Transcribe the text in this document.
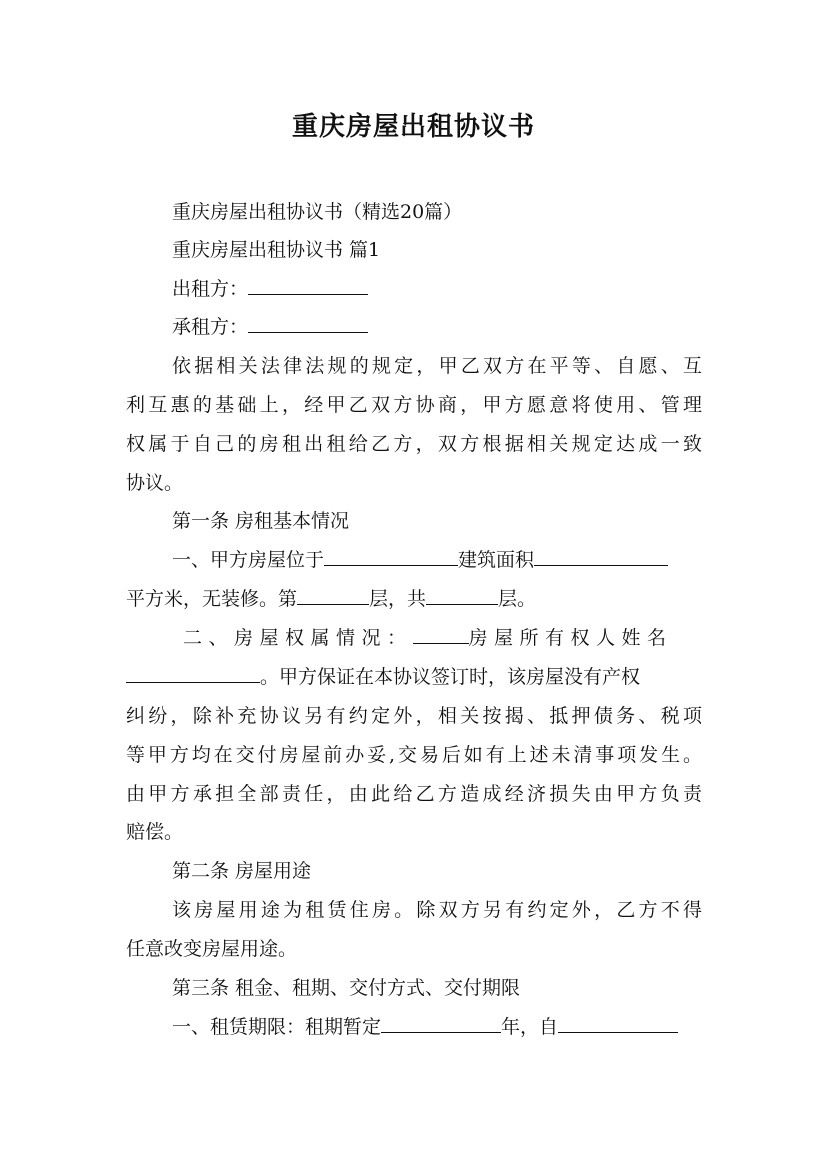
重庆房屋出租协议书
重庆房屋出租协议书（精选20篇）
重庆房屋出租协议书 篇1
出租方：
承租方：
依据相关法律法规的规定，甲乙双方在平等、自愿、互
利互惠的基础上，经甲乙双方协商，甲方愿意将使用、管理
权属于自己的房租出租给乙方，双方根据相关规定达成一致
协议。
第一条 房租基本情况
一、甲方房屋位于	建筑面积
平方米，无装修。第	层，共	层。
二、房屋权属情况：	房屋所有权人姓名
。甲方保证在本协议签订时，该房屋没有产权
纠纷，除补充协议另有约定外，相关按揭、抵押债务、税项
等甲方均在交付房屋前办妥,交易后如有上述未清事项发生。
由甲方承担全部责任，由此给乙方造成经济损失由甲方负责
赔偿。
第二条 房屋用途
该房屋用途为租赁住房。除双方另有约定外，乙方不得
任意改变房屋用途。
第三条 租金、租期、交付方式、交付期限
一、租赁期限：租期暂定	年，自
